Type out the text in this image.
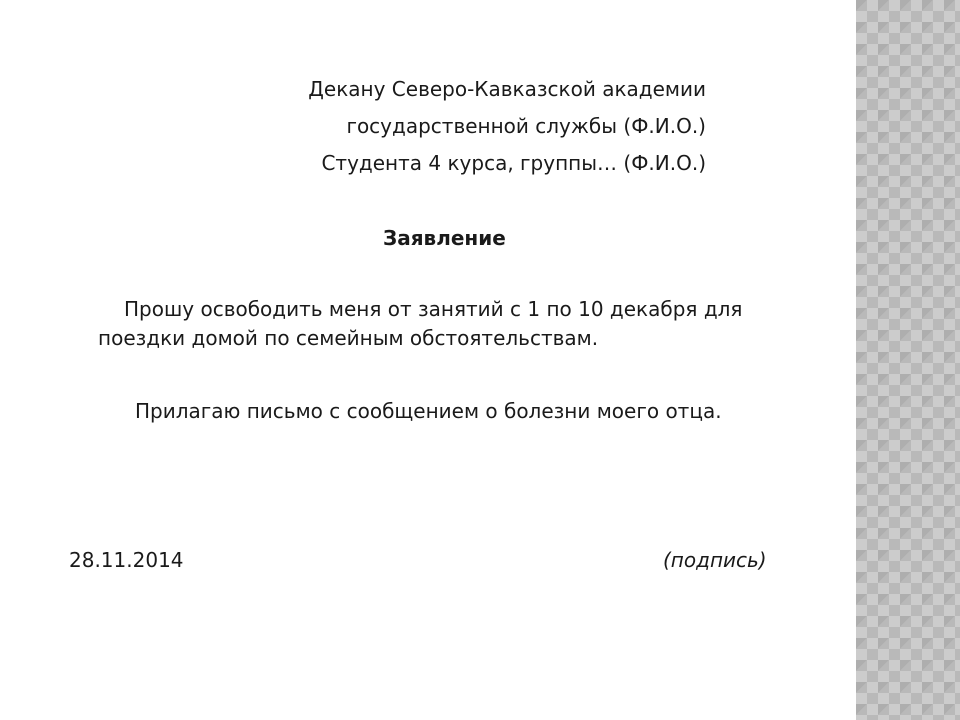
Декану Северо-Кавказской академии

государственной службы (Ф.И.О.)

Студента 4 курса, группы… (Ф.И.О.)

Заявление

Прошу освободить меня от занятий с 1 по 10 декабря для поездки домой по семейным обстоятельствам.

Прилагаю письмо с сообщением о болезни моего отца.

28.11.2014	(подпись)
